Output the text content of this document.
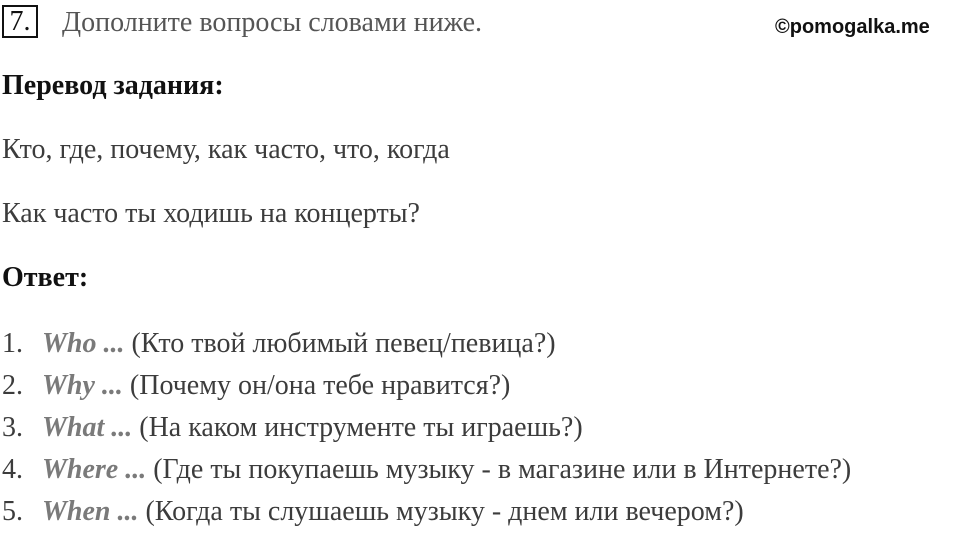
7. Дополните вопросы словами ниже.	©pomogalka.me
Перевод задания:
Кто, где, почему, как часто, что, когда
Как часто ты ходишь на концерты?
Ответ:
1. Who ... (Кто твой любимый певец/певица?)
2. Why ... (Почему он/она тебе нравится?)
3. What ... (На каком инструменте ты играешь?)
4. Where ... (Где ты покупаешь музыку - в магазине или в Интернете?)
5. When ... (Когда ты слушаешь музыку - днем или вечером?)
